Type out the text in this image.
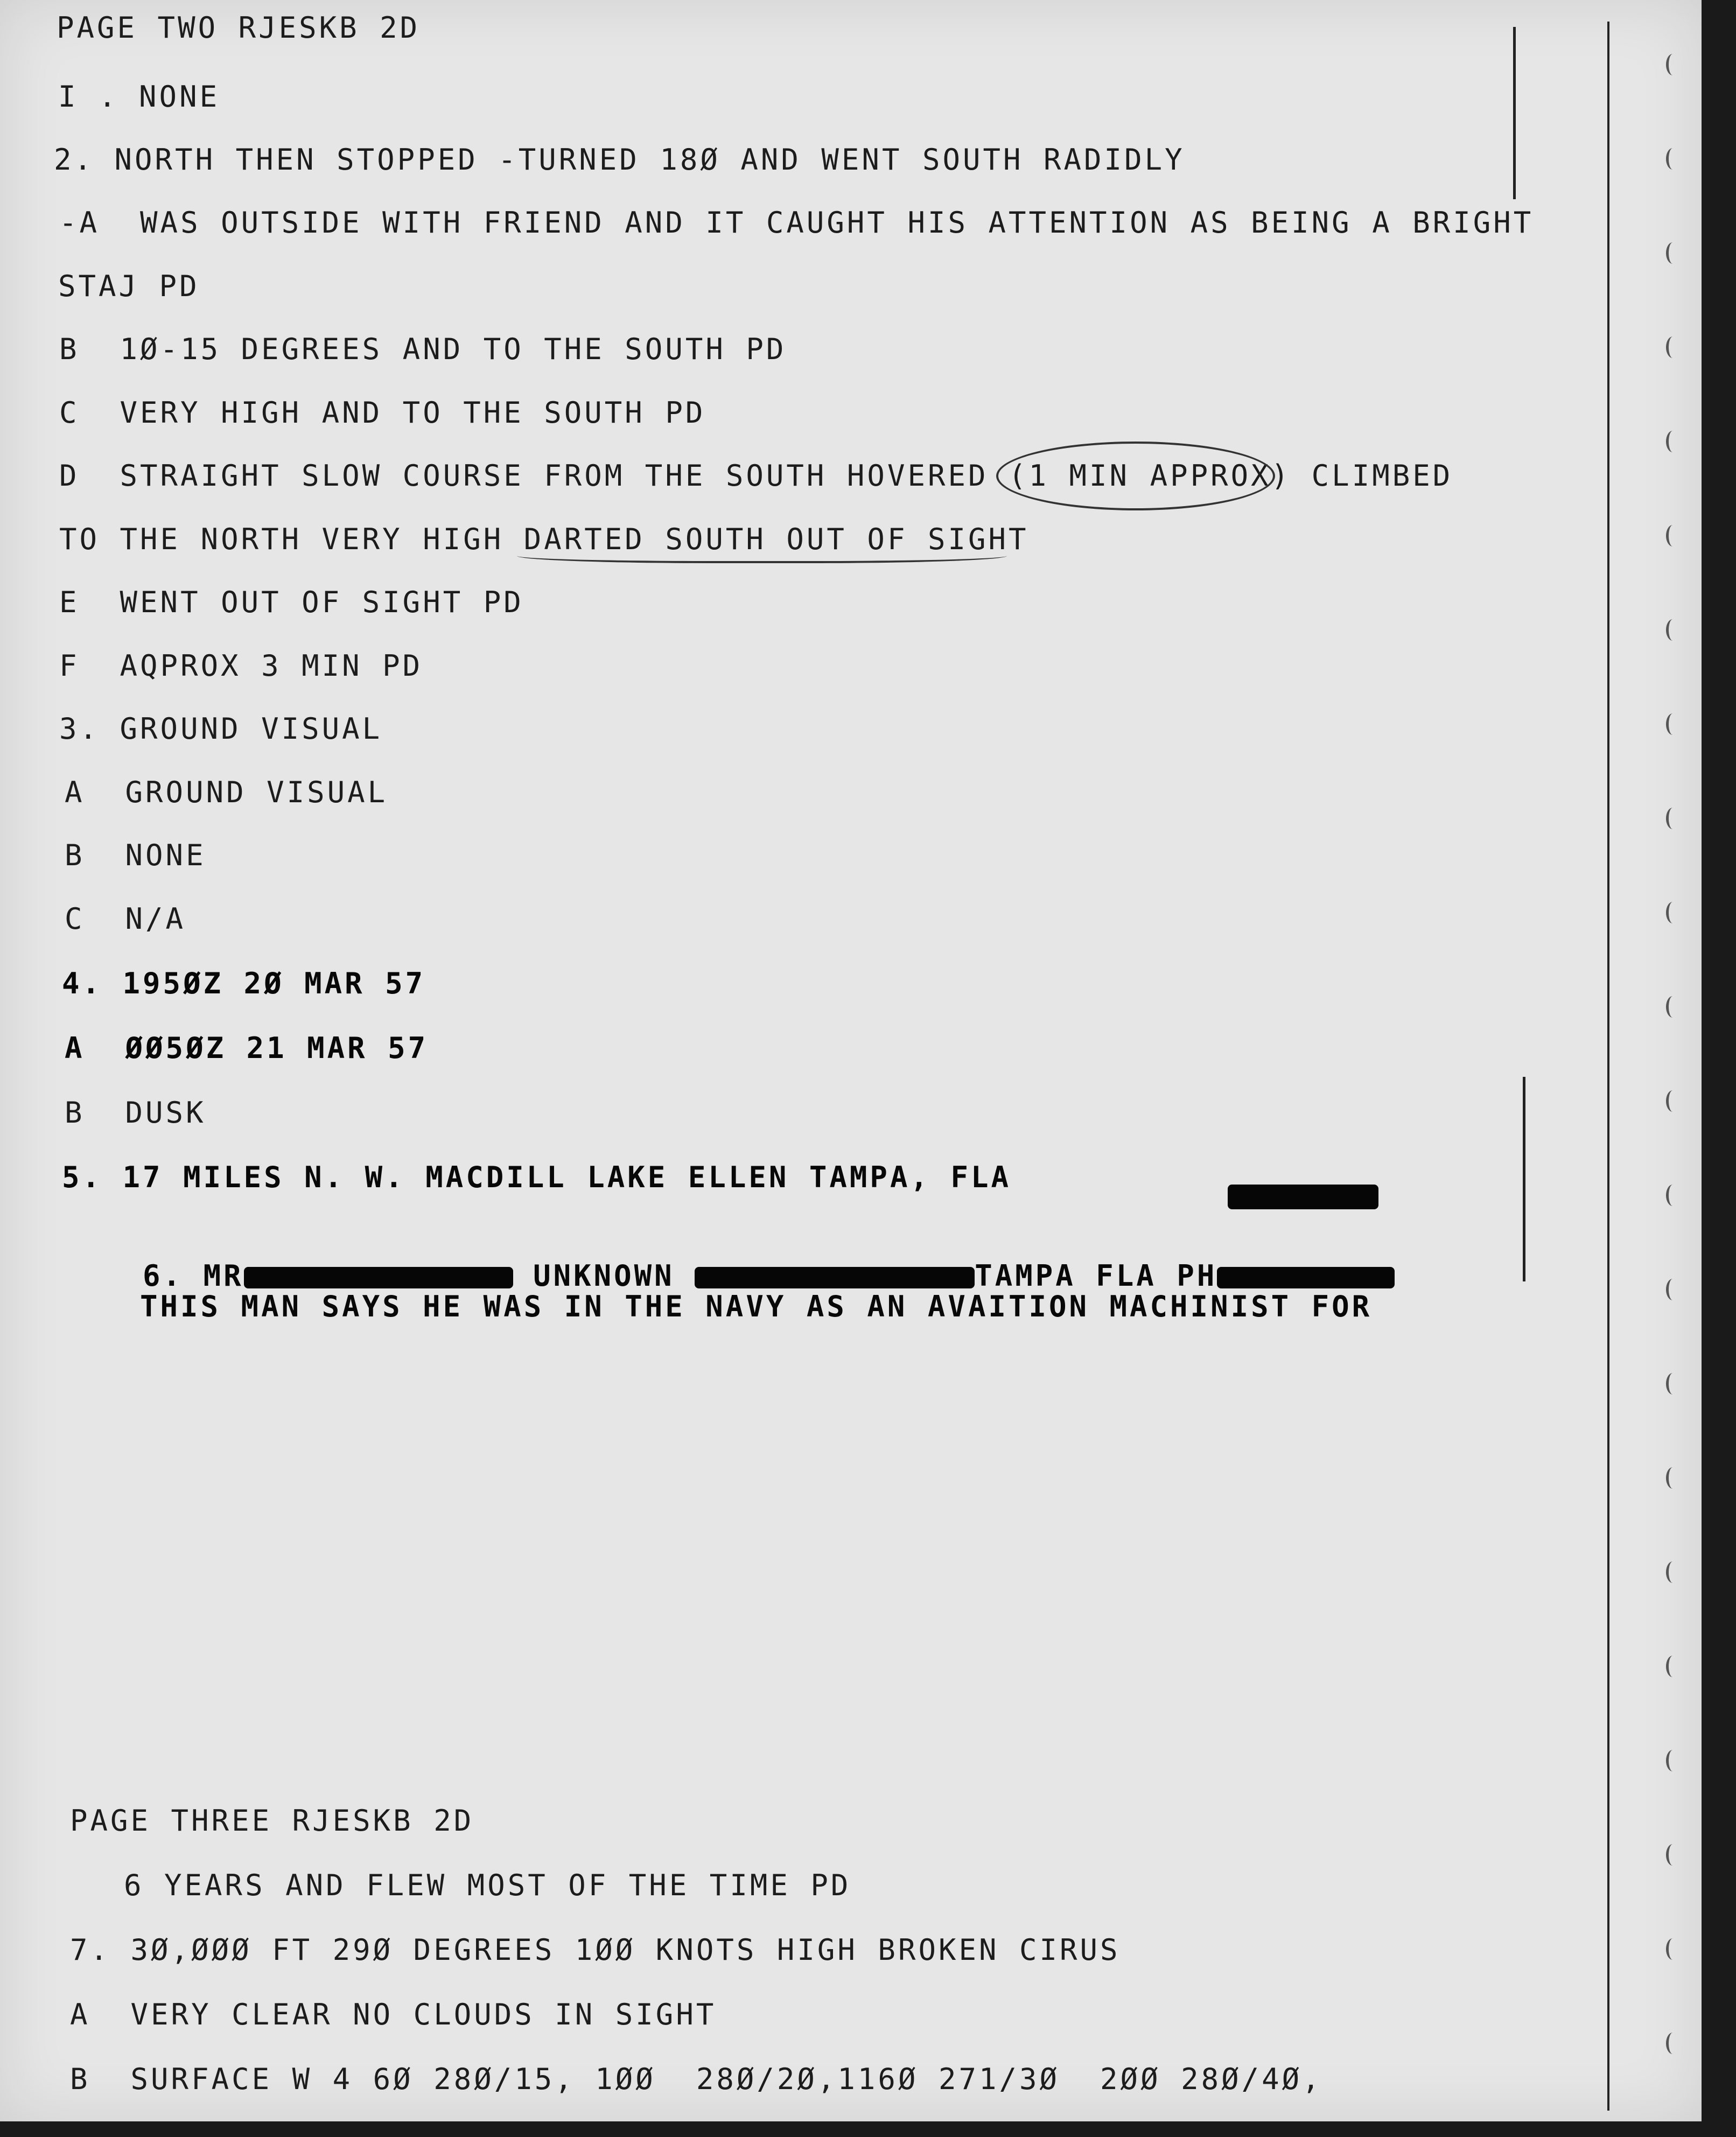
PAGE TWO RJESKB 2D
I . NONE
2. NORTH THEN STOPPED -TURNED 18Ø AND WENT SOUTH RADIDLY
-A  WAS OUTSIDE WITH FRIEND AND IT CAUGHT HIS ATTENTION AS BEING A BRIGHT
STAJ PD
B  1Ø-15 DEGREES AND TO THE SOUTH PD
C  VERY HIGH AND TO THE SOUTH PD
D  STRAIGHT SLOW COURSE FROM THE SOUTH HOVERED (1 MIN APPROX) CLIMBED
TO THE NORTH VERY HIGH DARTED SOUTH OUT OF SIGHT
E  WENT OUT OF SIGHT PD
F  AQPROX 3 MIN PD
3. GROUND VISUAL
A  GROUND VISUAL
B  NONE
C  N/A
4. 195ØZ 2Ø MAR 57
A  ØØ5ØZ 21 MAR 57
B  DUSK
5. 17 MILES N. W. MACDILL LAKE ELLEN TAMPA, FLA
THIS MAN SAYS HE WAS IN THE NAVY AS AN AVAITION MACHINIST FOR
PAGE THREE RJESKB 2D
6 YEARS AND FLEW MOST OF THE TIME PD
7. 3Ø,ØØØ FT 29Ø DEGREES 1ØØ KNOTS HIGH BROKEN CIRUS
A  VERY CLEAR NO CLOUDS IN SIGHT
B  SURFACE W 4 6Ø 28Ø/15, 1ØØ  28Ø/2Ø,116Ø 271/3Ø  2ØØ 28Ø/4Ø,

6. MR	UNKNOWN	TAMPA FLA PH
